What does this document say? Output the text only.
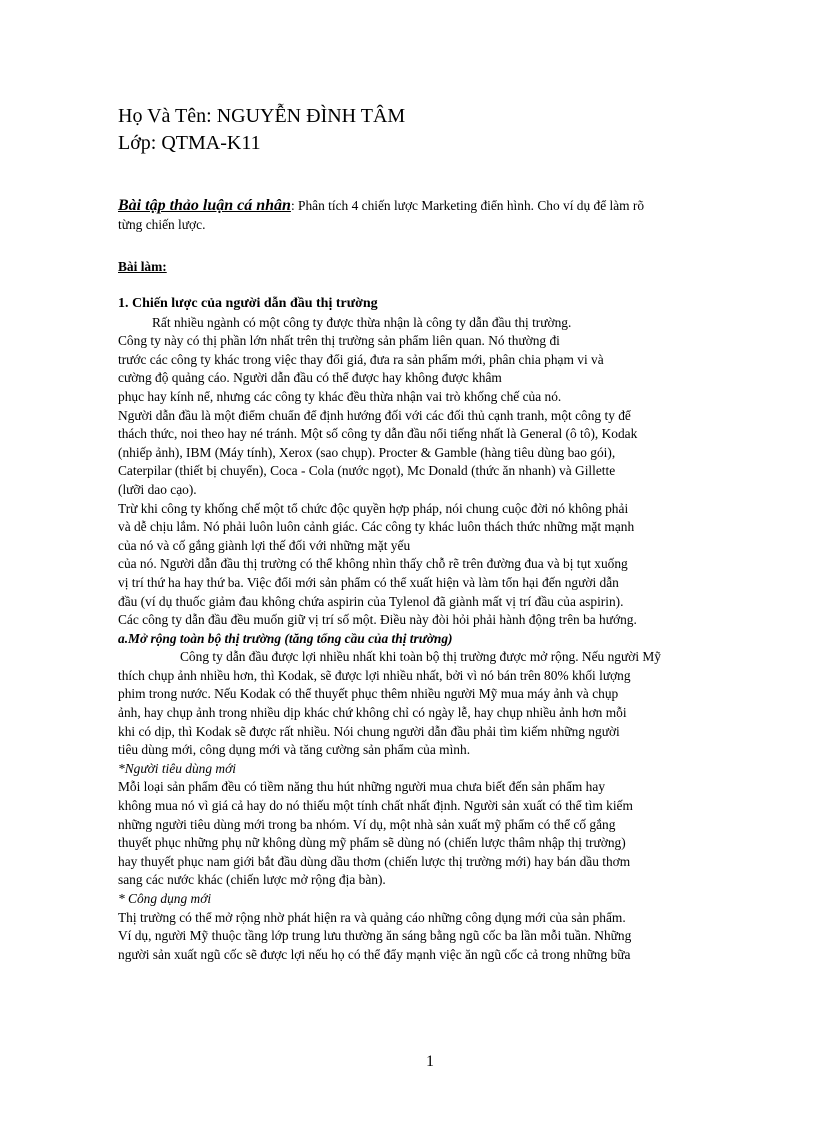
Họ Và Tên: NGUYỄN ĐÌNH TÂM
Lớp: QTMA-K11
Bài tập thảo luận cá nhân: Phân tích 4 chiến lược Marketing điển hình. Cho ví dụ để làm rõ
từng chiến lược.
Bài làm:
1. Chiến lược của người dẫn đầu thị trường
Rất nhiều ngành có một công ty được thừa nhận là công ty dẫn đầu thị trường.
Công ty này có thị phần lớn nhất trên thị trường sản phẩm liên quan. Nó thường đi
trước các công ty khác trong việc thay đổi giá, đưa ra sản phẩm mới, phân chia phạm vi và
cường độ quảng cáo. Người dẫn đầu có thể được hay không được khâm
phục hay kính nể, nhưng các công ty khác đều thừa nhận vai trò khống chế của nó.
Người dẫn đầu là một điểm chuẩn để định hướng đối với các đối thủ cạnh tranh, một công ty để
thách thức, noi theo hay né tránh. Một số công ty dẫn đầu nổi tiếng nhất là General (ô tô), Kodak
(nhiếp ảnh), IBM (Máy tính), Xerox (sao chụp). Procter & Gamble (hàng tiêu dùng bao gói),
Caterpilar (thiết bị chuyển), Coca - Cola (nước ngọt), Mc Donald (thức ăn nhanh) và Gillette
(lưỡi dao cạo).
Trừ khi công ty khống chế một tổ chức độc quyền hợp pháp, nói chung cuộc đời nó không phải
và dễ chịu lắm. Nó phải luôn luôn cảnh giác. Các công ty khác luôn thách thức những mặt mạnh
của nó và cố gắng giành lợi thế đối với những mặt yếu
của nó. Người dẫn đầu thị trường có thể không nhìn thấy chỗ rẽ trên đường đua và bị tụt xuống
vị trí thứ ha hay thứ ba. Việc đổi mới sản phẩm có thể xuất hiện và làm tổn hại đến người dẫn
đầu (ví dụ thuốc giảm đau không chứa aspirin của Tylenol đã giành mất vị trí đầu của aspirin).
Các công ty dẫn đầu đều muốn giữ vị trí số một. Điều này đòi hỏi phải hành động trên ba hướng.
a.Mở rộng toàn bộ thị trường (tăng tổng cầu của thị trường)
Công ty dẫn đầu được lợi nhiều nhất khi toàn bộ thị trường được mở rộng. Nếu người Mỹ
thích chụp ảnh nhiều hơn, thì Kodak, sẽ được lợi nhiều nhất, bởi vì nó bán trên 80% khối lượng
phim trong nước. Nếu Kodak có thể thuyết phục thêm nhiều người Mỹ mua máy ảnh và chụp
ảnh, hay chụp ảnh trong nhiều dịp khác chứ không chỉ có ngày lễ, hay chụp nhiều ảnh hơn mỗi
khi có dịp, thì Kodak sẽ được rất nhiều. Nói chung người dẫn đầu phải tìm kiếm những người
tiêu dùng mới, công dụng mới và tăng cường sản phẩm của mình.
*Người tiêu dùng mới
Mỗi loại sản phẩm đều có tiềm năng thu hút những người mua chưa biết đến sản phẩm hay
không mua nó vì giá cả hay do nó thiếu một tính chất nhất định. Người sản xuất có thể tìm kiếm
những người tiêu dùng mới trong ba nhóm. Ví dụ, một nhà sản xuất mỹ phẩm có thể cố gắng
thuyết phục những phụ nữ không dùng mỹ phẩm sẽ dùng nó (chiến lược thâm nhập thị trường)
hay thuyết phục nam giới bắt đầu dùng dầu thơm (chiến lược thị trường mới) hay bán dầu thơm
sang các nước khác (chiến lược mở rộng địa bàn).
* Công dụng mới
Thị trường có thể mở rộng nhờ phát hiện ra và quảng cáo những công dụng mới của sản phẩm.
Ví dụ, người Mỹ thuộc tầng lớp trung lưu thường ăn sáng bằng ngũ cốc ba lần mỗi tuần. Những
người sản xuất ngũ cốc sẽ được lợi nếu họ có thể đẩy mạnh việc ăn ngũ cốc cả trong những bữa
1
